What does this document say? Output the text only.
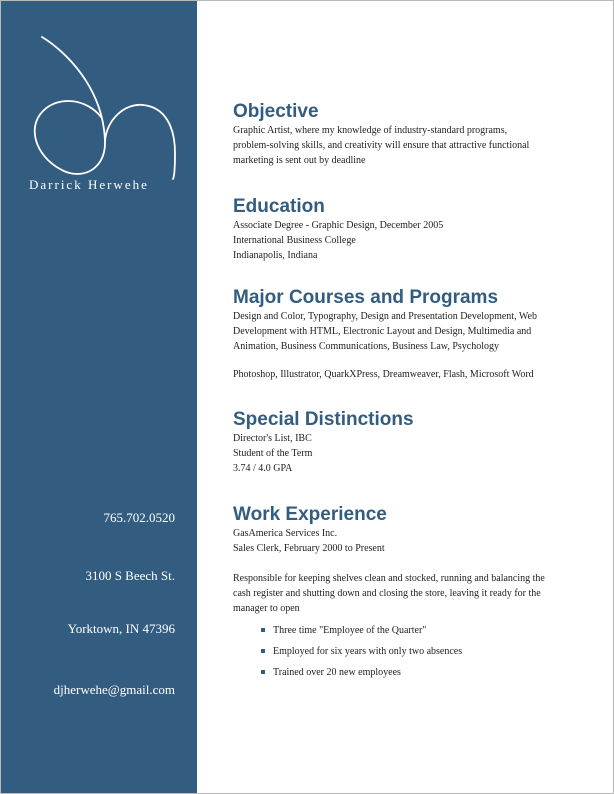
Darrick Herwehe
765.702.0520
3100 S Beech St.
Yorktown, IN 47396
djherwehe@gmail.com
Objective

Graphic Artist, where my knowledge of industry-standard programs,

problem-solving skills, and creativity will ensure that attractive functional

marketing is sent out by deadline

Education

Associate Degree - Graphic Design, December 2005

International Business College

Indianapolis, Indiana

Major Courses and Programs

Design and Color, Typography, Design and Presentation Development, Web

Development with HTML, Electronic Layout and Design, Multimedia and

Animation, Business Communications, Business Law, Psychology

Photoshop, Illustrator, QuarkXPress, Dreamweaver, Flash, Microsoft Word

Special Distinctions

Director's List, IBC

Student of the Term

3.74 / 4.0 GPA

Work Experience

GasAmerica Services Inc.

Sales Clerk, February 2000 to Present

Responsible for keeping shelves clean and stocked, running and balancing the

cash register and shutting down and closing the store, leaving it ready for the

manager to open

Three time "Employee of the Quarter"
Employed for six years with only two absences
Trained over 20 new employees
